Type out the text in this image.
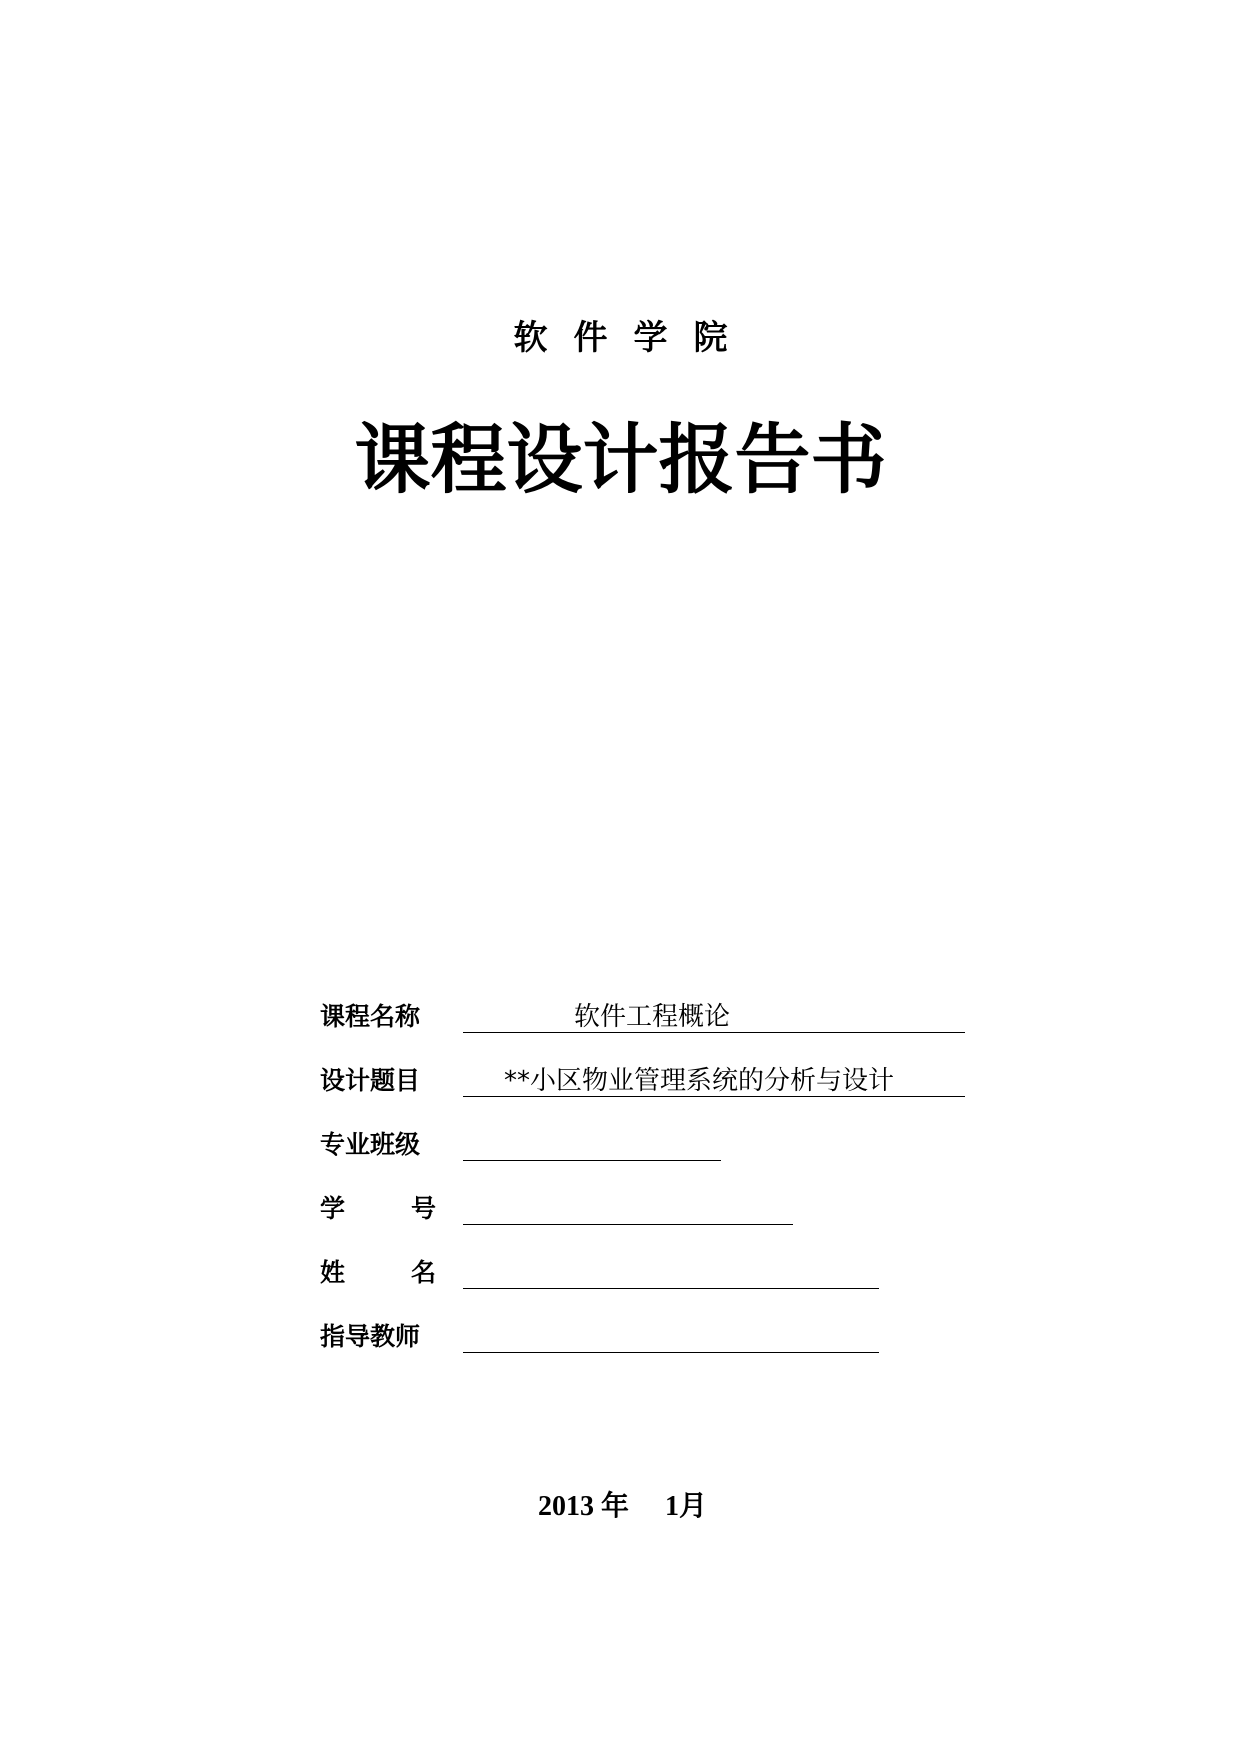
软件学院
课程设计报告书
课程名称	软件工程概论
设计题目	**小区物业管理系统的分析与设计
专业班级
学	号
姓	名
指导教师
2013 年 1月
